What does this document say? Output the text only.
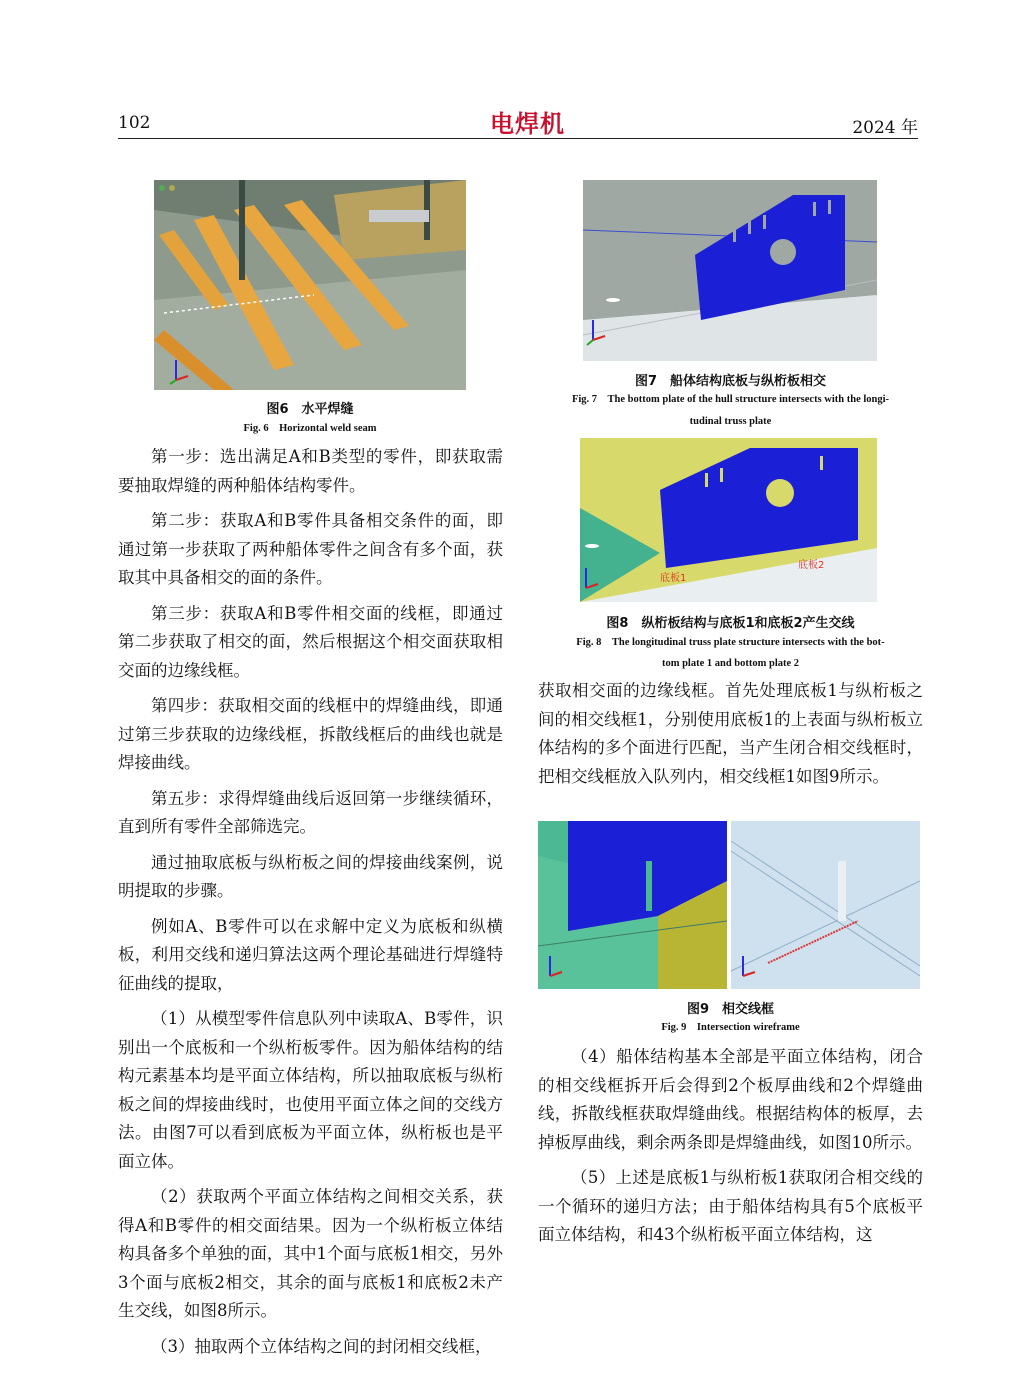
102	电焊机	2024 年
图6　水平焊缝
Fig. 6　Horizontal weld seam
图7　船体结构底板与纵桁板相交
Fig. 7　The bottom plate of the hull structure intersects with the longi-
tudinal truss plate
底板1
底板2
图8　纵桁板结构与底板1和底板2产生交线
Fig. 8　The longitudinal truss plate structure intersects with the bot-
tom plate 1 and bottom plate 2
图9　相交线框
Fig. 9　Intersection wireframe

第一步：选出满足A和B类型的零件，即获取需要抽取焊缝的两种船体结构零件。

第二步：获取A和B零件具备相交条件的面，即通过第一步获取了两种船体零件之间含有多个面，获取其中具备相交的面的条件。

第三步：获取A和B零件相交面的线框，即通过第二步获取了相交的面，然后根据这个相交面获取相交面的边缘线框。

第四步：获取相交面的线框中的焊缝曲线，即通过第三步获取的边缘线框，拆散线框后的曲线也就是焊接曲线。

第五步：求得焊缝曲线后返回第一步继续循环，直到所有零件全部筛选完。

通过抽取底板与纵桁板之间的焊接曲线案例，说明提取的步骤。

例如A、B零件可以在求解中定义为底板和纵横板，利用交线和递归算法这两个理论基础进行焊缝特征曲线的提取，

（1）从模型零件信息队列中读取A、B零件，识别出一个底板和一个纵桁板零件。因为船体结构的结构元素基本均是平面立体结构，所以抽取底板与纵桁板之间的焊接曲线时，也使用平面立体之间的交线方法。由图7可以看到底板为平面立体，纵桁板也是平面立体。

（2）获取两个平面立体结构之间相交关系，获得A和B零件的相交面结果。因为一个纵桁板立体结构具备多个单独的面，其中1个面与底板1相交，另外3个面与底板2相交，其余的面与底板1和底板2未产生交线，如图8所示。

（3）抽取两个立体结构之间的封闭相交线框，

获取相交面的边缘线框。首先处理底板1与纵桁板之间的相交线框1，分别使用底板1的上表面与纵桁板立体结构的多个面进行匹配，当产生闭合相交线框时，把相交线框放入队列内，相交线框1如图9所示。

（4）船体结构基本全部是平面立体结构，闭合的相交线框拆开后会得到2个板厚曲线和2个焊缝曲线，拆散线框获取焊缝曲线。根据结构体的板厚，去掉板厚曲线，剩余两条即是焊缝曲线，如图10所示。

（5）上述是底板1与纵桁板1获取闭合相交线的一个循环的递归方法；由于船体结构具有5个底板平面立体结构，和43个纵桁板平面立体结构，这
